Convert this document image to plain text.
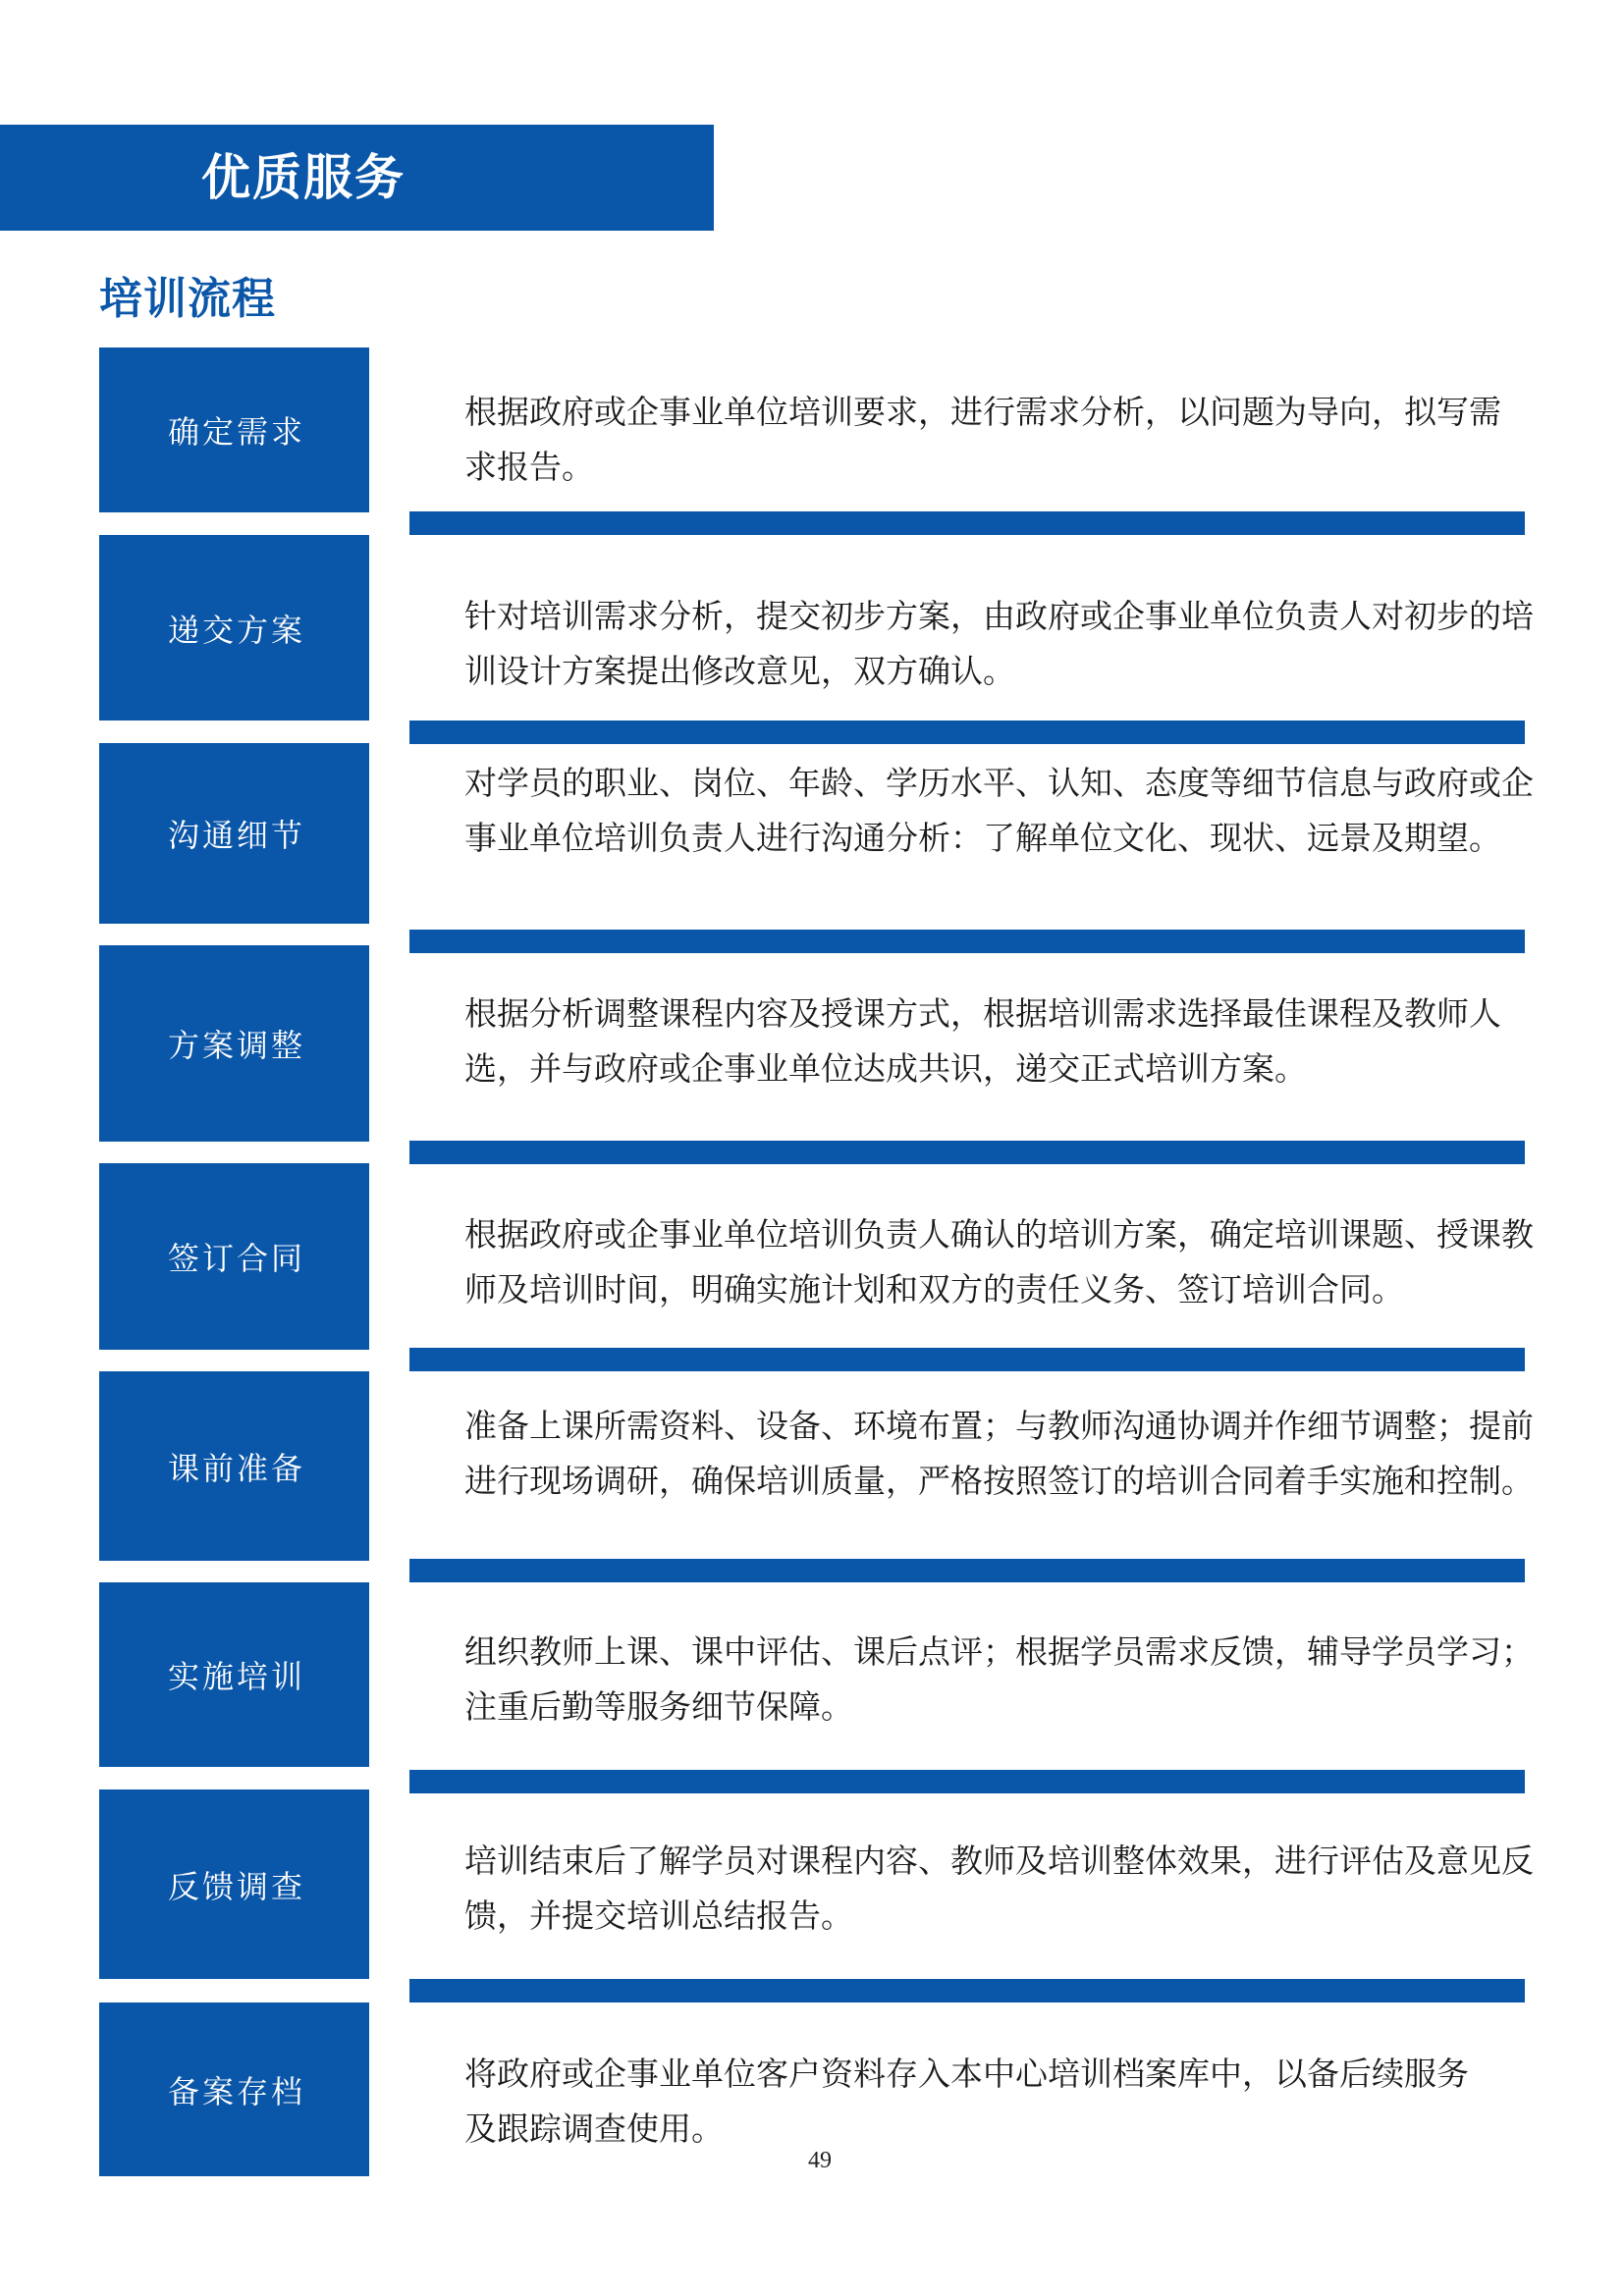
优质服务
培训流程
确定需求
递交方案
沟通细节
方案调整
签订合同
课前准备
实施培训
反馈调查
备案存档

根据政府或企事业单位培训要求，进行需求分析，以问题为导向，拟写需求报告。

针对培训需求分析，提交初步方案，由政府或企事业单位负责人对初步的培训设计方案提出修改意见，双方确认。

对学员的职业、岗位、年龄、学历水平、认知、态度等细节信息与政府或企事业单位培训负责人进行沟通分析：了解单位文化、现状、远景及期望。

根据分析调整课程内容及授课方式，根据培训需求选择最佳课程及教师人选，并与政府或企事业单位达成共识，递交正式培训方案。

根据政府或企事业单位培训负责人确认的培训方案，确定培训课题、授课教师及培训时间，明确实施计划和双方的责任义务、签订培训合同。

准备上课所需资料、设备、环境布置；与教师沟通协调并作细节调整；提前进行现场调研，确保培训质量，严格按照签订的培训合同着手实施和控制。

组织教师上课、课中评估、课后点评；根据学员需求反馈，辅导学员学习；注重后勤等服务细节保障。

培训结束后了解学员对课程内容、教师及培训整体效果，进行评估及意见反馈，并提交培训总结报告。

将政府或企事业单位客户资料存入本中心培训档案库中，以备后续服务及跟踪调查使用。

49
